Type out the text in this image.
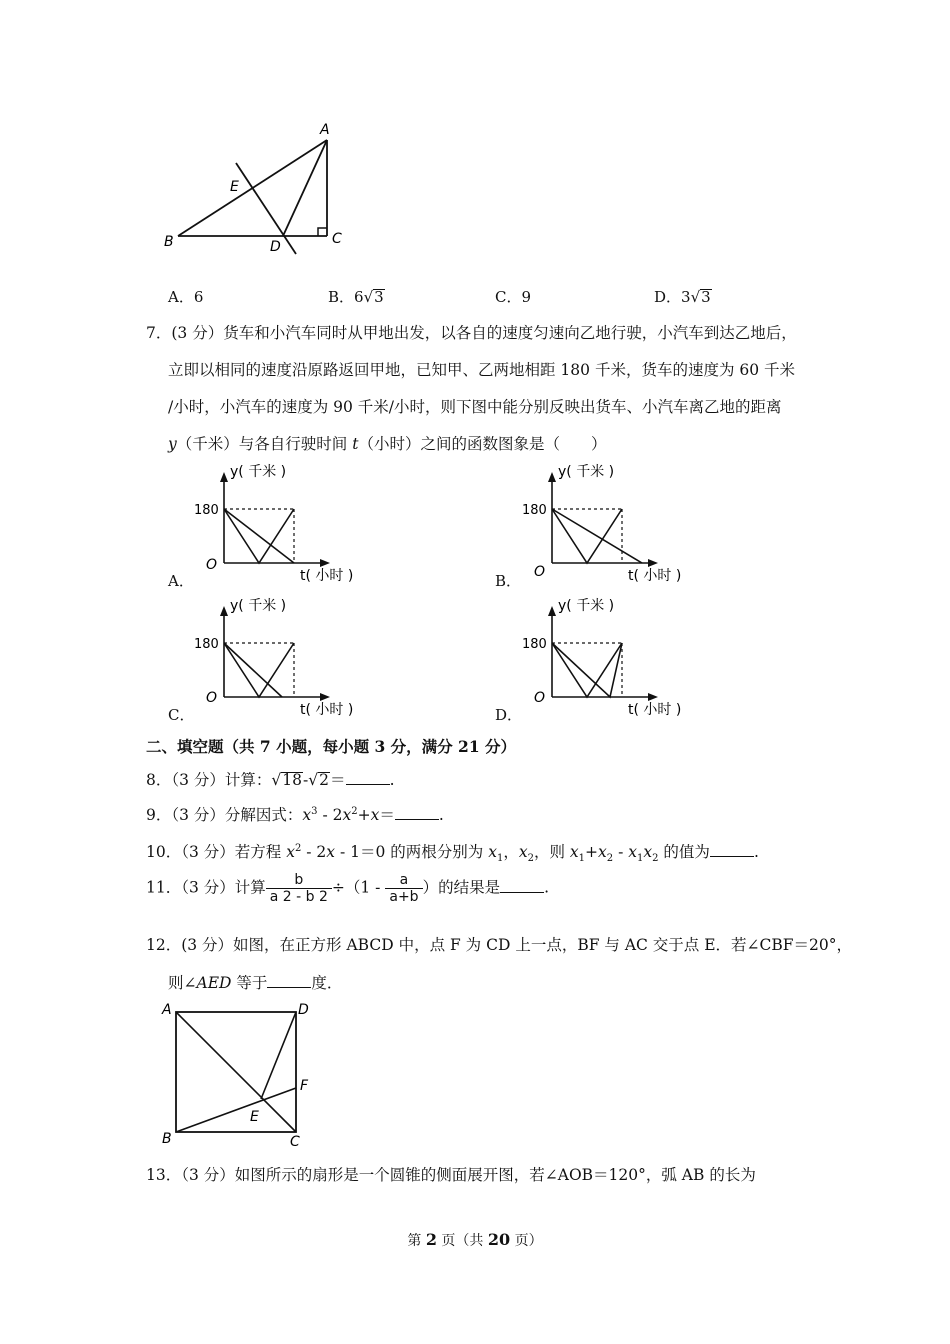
A
B	C
D
E
A．6	B．6√3	C．9	D．3√3
7．(3 分）货车和小汽车同时从甲地出发，以各自的速度匀速向乙地行驶，小汽车到达乙地后，
立即以相同的速度沿原路返回甲地，已知甲、乙两地相距 180 千米，货车的速度为 60 千米
/小时，小汽车的速度为 90 千米/小时，则下图中能分别反映出货车、小汽车离乙地的距离
y（千米）与各自行驶时间 t（小时）之间的函数图象是（　　）
A．
180
O
y( 千米 )
t( 小时 )	B．
180
O
y( 千米 )
t( 小时 )
C．
180
O
y( 千米 )
t( 小时 )	D．
180
O
y( 千米 )
t( 小时 )
二、填空题（共 7 小题，每小题 3 分，满分 21 分）
8．（3 分）计算：√18-√2＝	.
9．（3 分）分解因式：$x^3 - 2x^2+x=$	.
10．（3 分）若方程 $x^2 - 2x - 1=0$ 的两根分别为 $x_1$，$x_2$，则 $x_1+x_2 - x_1x_2$ 的值为	.
11．（3 分）计算 $\frac{b}{a 2 - b 2} \div(1 - \frac{a}{a+b}$ ）的结果是	.
12．(3 分）如图，在正方形 ABCD 中，点 F 为 CD 上一点，BF 与 AC 交于点 E．若∠CBF＝20°，
则∠AED 等于	度．
A	D
B	C
F
E
13．（3 分）如图所示的扇形是一个圆锥的侧面展开图，若∠AOB＝120°，弧 AB 的长为
第 2 页（共 20 页）
